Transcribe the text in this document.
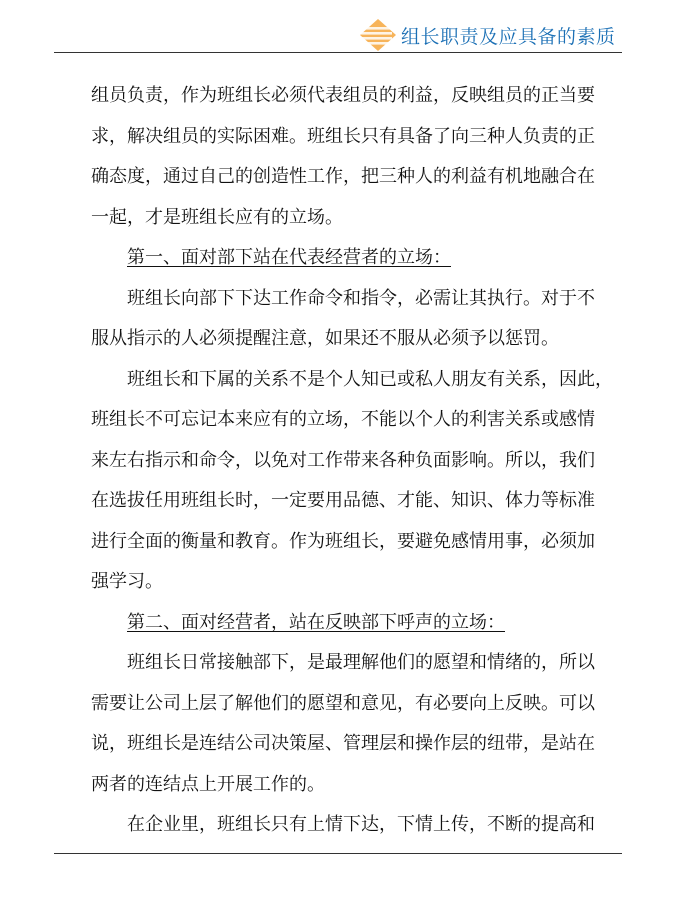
组长职责及应具备的素质
组员负责，作为班组长必须代表组员的利益，反映组员的正当要
求，解决组员的实际困难。班组长只有具备了向三种人负责的正
确态度，通过自己的创造性工作，把三种人的利益有机地融合在
一起，才是班组长应有的立场。
第一、面对部下站在代表经营者的立场：
班组长向部下下达工作命令和指令，必需让其执行。对于不
服从指示的人必须提醒注意，如果还不服从必须予以惩罚。
班组长和下属的关系不是个人知已或私人朋友有关系，因此，
班组长不可忘记本来应有的立场，不能以个人的利害关系或感情
来左右指示和命令，以免对工作带来各种负面影响。所以，我们
在选拔任用班组长时，一定要用品德、才能、知识、体力等标准
进行全面的衡量和教育。作为班组长，要避免感情用事，必须加
强学习。
第二、面对经营者，站在反映部下呼声的立场：
班组长日常接触部下，是最理解他们的愿望和情绪的，所以
需要让公司上层了解他们的愿望和意见，有必要向上反映。可以
说，班组长是连结公司决策屋、管理层和操作层的纽带，是站在
两者的连结点上开展工作的。
在企业里，班组长只有上情下达，下情上传，不断的提高和
